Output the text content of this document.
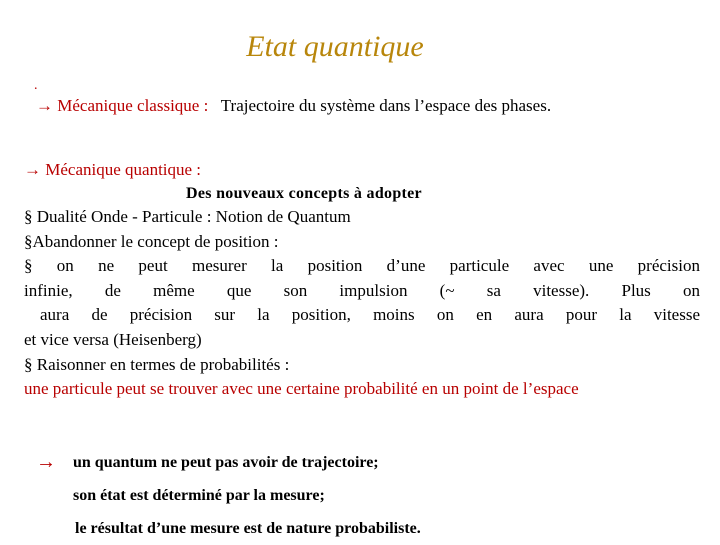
Etat quantique
.
→ Mécanique classique : Trajectoire du système dans l’espace des phases.
→ Mécanique quantique :
Des nouveaux concepts à adopter
§ Dualité Onde - Particule : Notion de Quantum
§Abandonner le concept de position :
§ on ne peut mesurer la position d’une particule avec une précision
infinie, de même que son impulsion (~ sa vitesse). Plus on
aura de précision sur la position, moins on en aura pour la vitesse
et vice versa (Heisenberg)
§ Raisonner en termes de probabilités :
une particule peut se trouver avec une certaine probabilité en un point de l’espace
→ un quantum ne peut pas avoir de trajectoire;
son état est déterminé par la mesure;
le résultat d’une mesure est de nature probabiliste.
